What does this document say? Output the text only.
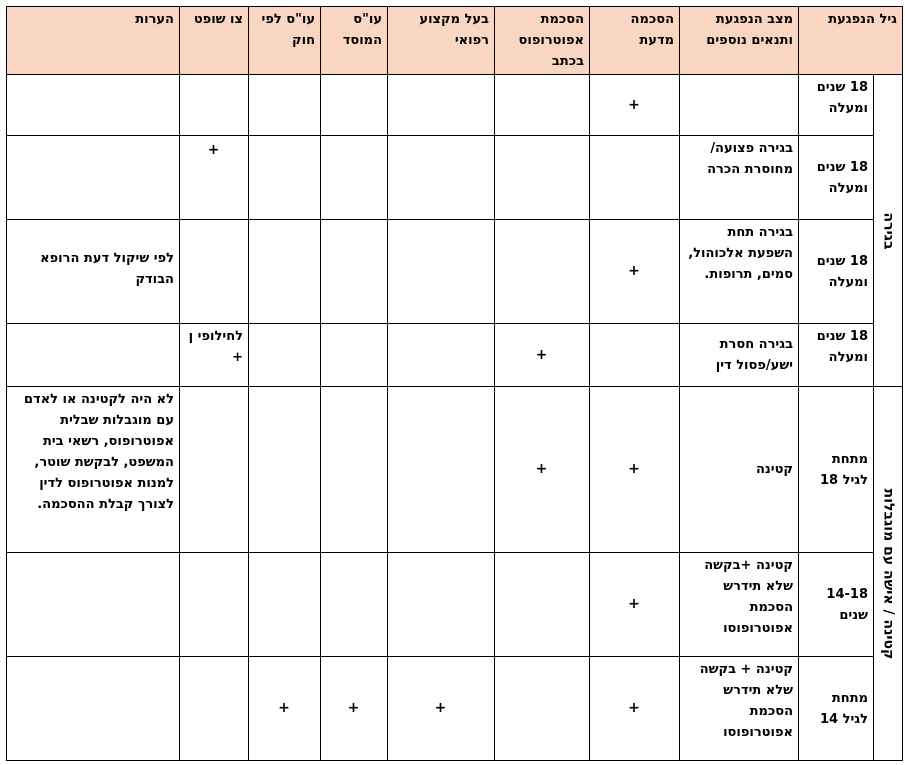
גיל הנפגעת		מצב הנפגעת ותנאים נוספים	הסכמה מדעת	הסכמת אפוטרופוס בכתב	בעל מקצוע רפואי	עו"ס המוסד	עו"ס לפי חוק	צו שופט	הערות

בגירה	18 שנים ומעלה		+						
	18 שנים ומעלה	בגירה פצועה/ מחוסרת הכרה						+	
	18 שנים ומעלה	בגירה תחת השפעת אלכוהול, סמים, תרופות.	+						לפי שיקול דעת הרופא הבודק
	18 שנים ומעלה	בגירה חסרת ישע/פסול דין		+				לחילופי ן +	

קטינה / אישה עם מוגבלות	מתחת לגיל 18	קטינה	+	+					לא היה לקטינה או לאדם עם מוגבלות שבלית אפוטרופוס, רשאי בית המשפט, לבקשת שוטר, למנות אפוטרופוס לדין לצורך קבלת ההסכמה.
	14-18 שנים	קטינה +בקשה שלא תידרש הסכמת אפוטרופוסו	+						
	מתחת לגיל 14	קטינה + בקשה שלא תידרש הסכמת אפוטרופוסו	+		+	+	+		
